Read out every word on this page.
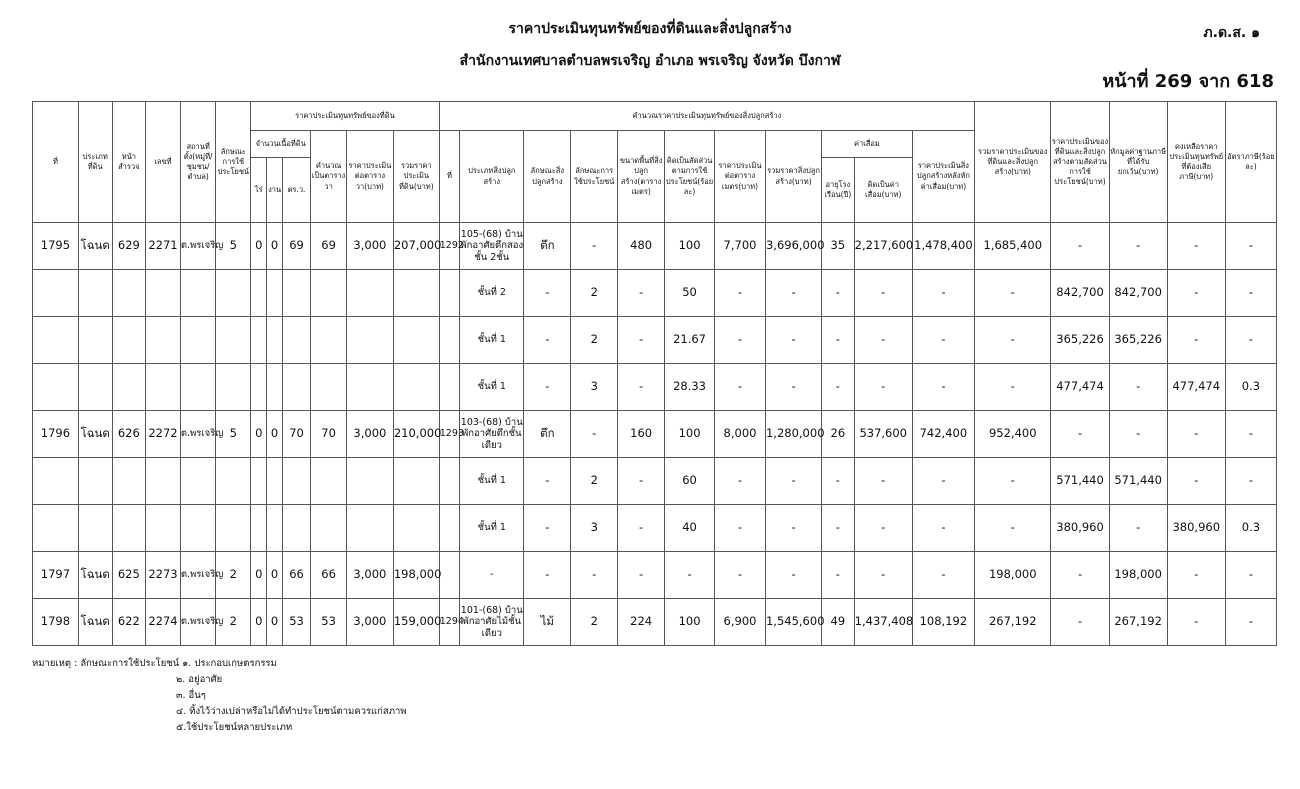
ราคาประเมินทุนทรัพย์ของที่ดินและสิ่งปลูกสร้าง
สำนักงานเทศบาลตำบลพรเจริญ อำเภอ พรเจริญ จังหวัด บึงกาฬ
ภ.ด.ส. ๑
หน้าที่ 269 จาก 618
ที่	ประเภทที่ดิน	หน้าสำรวจ	เลขที่	สถานที่ตั้ง(หมู่ที่/ชุมชน/ตำบล)	ลักษณะการใช้ประโยชน์	ราคาประเมินทุนทรัพย์ของที่ดิน						คำนวณราคาประเมินทุนทรัพย์ของสิ่งปลูกสร้าง											รวมราคาประเมินของที่ดินและสิ่งปลูกสร้าง(บาท)	ราคาประเมินของที่ดินและสิ่งปลูกสร้างตามสัดส่วนการใช้ประโยชน์(บาท)	หักมูลค่าฐานภาษีที่ได้รับยกเว้น(บาท)	คงเหลือราคาประเมินทุนทรัพย์ที่ต้องเสียภาษี(บาท)	อัตราภาษี(ร้อยละ)
						จำนวนเนื้อที่ดิน			คำนวณเป็นตารางวา	ราคาประเมินต่อตารางวา(บาท)	รวมราคาประเมินที่ดิน(บาท)	ที่	ประเภทสิ่งปลูกสร้าง	ลักษณะสิ่งปลูกสร้าง	ลักษณะการใช้ประโยชน์	ขนาดพื้นที่สิ่งปลูกสร้าง(ตารางเมตร)	คิดเป็นสัดส่วนตามการใช้ประโยชน์(ร้อยละ)	ราคาประเมินต่อตารางเมตร(บาท)	รวมราคาสิ่งปลูกสร้าง(บาท)	ค่าเสื่อม		ราคาประเมินสิ่งปลูกสร้างหลังหักค่าเสื่อม(บาท)					
						ไร่	งาน	ตร.ว.												อายุโรงเรือน(ปี)	คิดเป็นค่าเสื่อม(บาท)						
1795	โฉนด	629	2271	ต.พรเจริญ	5	0	0	69	69	3,000	207,000	1292	105-(68) บ้านพักอาศัยตึกสองชั้น 2ชั้น	ตึก	-	480	100	7,700	3,696,000	35	2,217,600	1,478,400	1,685,400	-	-	-	-
													ชั้นที่ 2	-	2	-	50	-	-	-	-	-	-	842,700	842,700	-	-
													ชั้นที่ 1	-	2	-	21.67	-	-	-	-	-	-	365,226	365,226	-	-
													ชั้นที่ 1	-	3	-	28.33	-	-	-	-	-	-	477,474	-	477,474	0.3
1796	โฉนด	626	2272	ต.พรเจริญ	5	0	0	70	70	3,000	210,000	1293	103-(68) บ้านพักอาศัยตึกชั้นเดียว	ตึก	-	160	100	8,000	1,280,000	26	537,600	742,400	952,400	-	-	-	-
													ชั้นที่ 1	-	2	-	60	-	-	-	-	-	-	571,440	571,440	-	-
													ชั้นที่ 1	-	3	-	40	-	-	-	-	-	-	380,960	-	380,960	0.3
1797	โฉนด	625	2273	ต.พรเจริญ	2	0	0	66	66	3,000	198,000		-	-	-	-	-	-	-	-	-	-	198,000	-	198,000	-	-
1798	โฉนด	622	2274	ต.พรเจริญ	2	0	0	53	53	3,000	159,000	1294	101-(68) บ้านพักอาศัยไม้ชั้นเดียว	ไม้	2	224	100	6,900	1,545,600	49	1,437,408	108,192	267,192	-	267,192	-	-
หมายเหตุ : ลักษณะการใช้ประโยชน์ ๑. ประกอบเกษตรกรรม
๒. อยู่อาศัย
๓. อื่นๆ
๔. ทิ้งไว้ว่างเปล่าหรือไม่ได้ทำประโยชน์ตามควรแก่สภาพ
๕.ใช้ประโยชน์หลายประเภท
